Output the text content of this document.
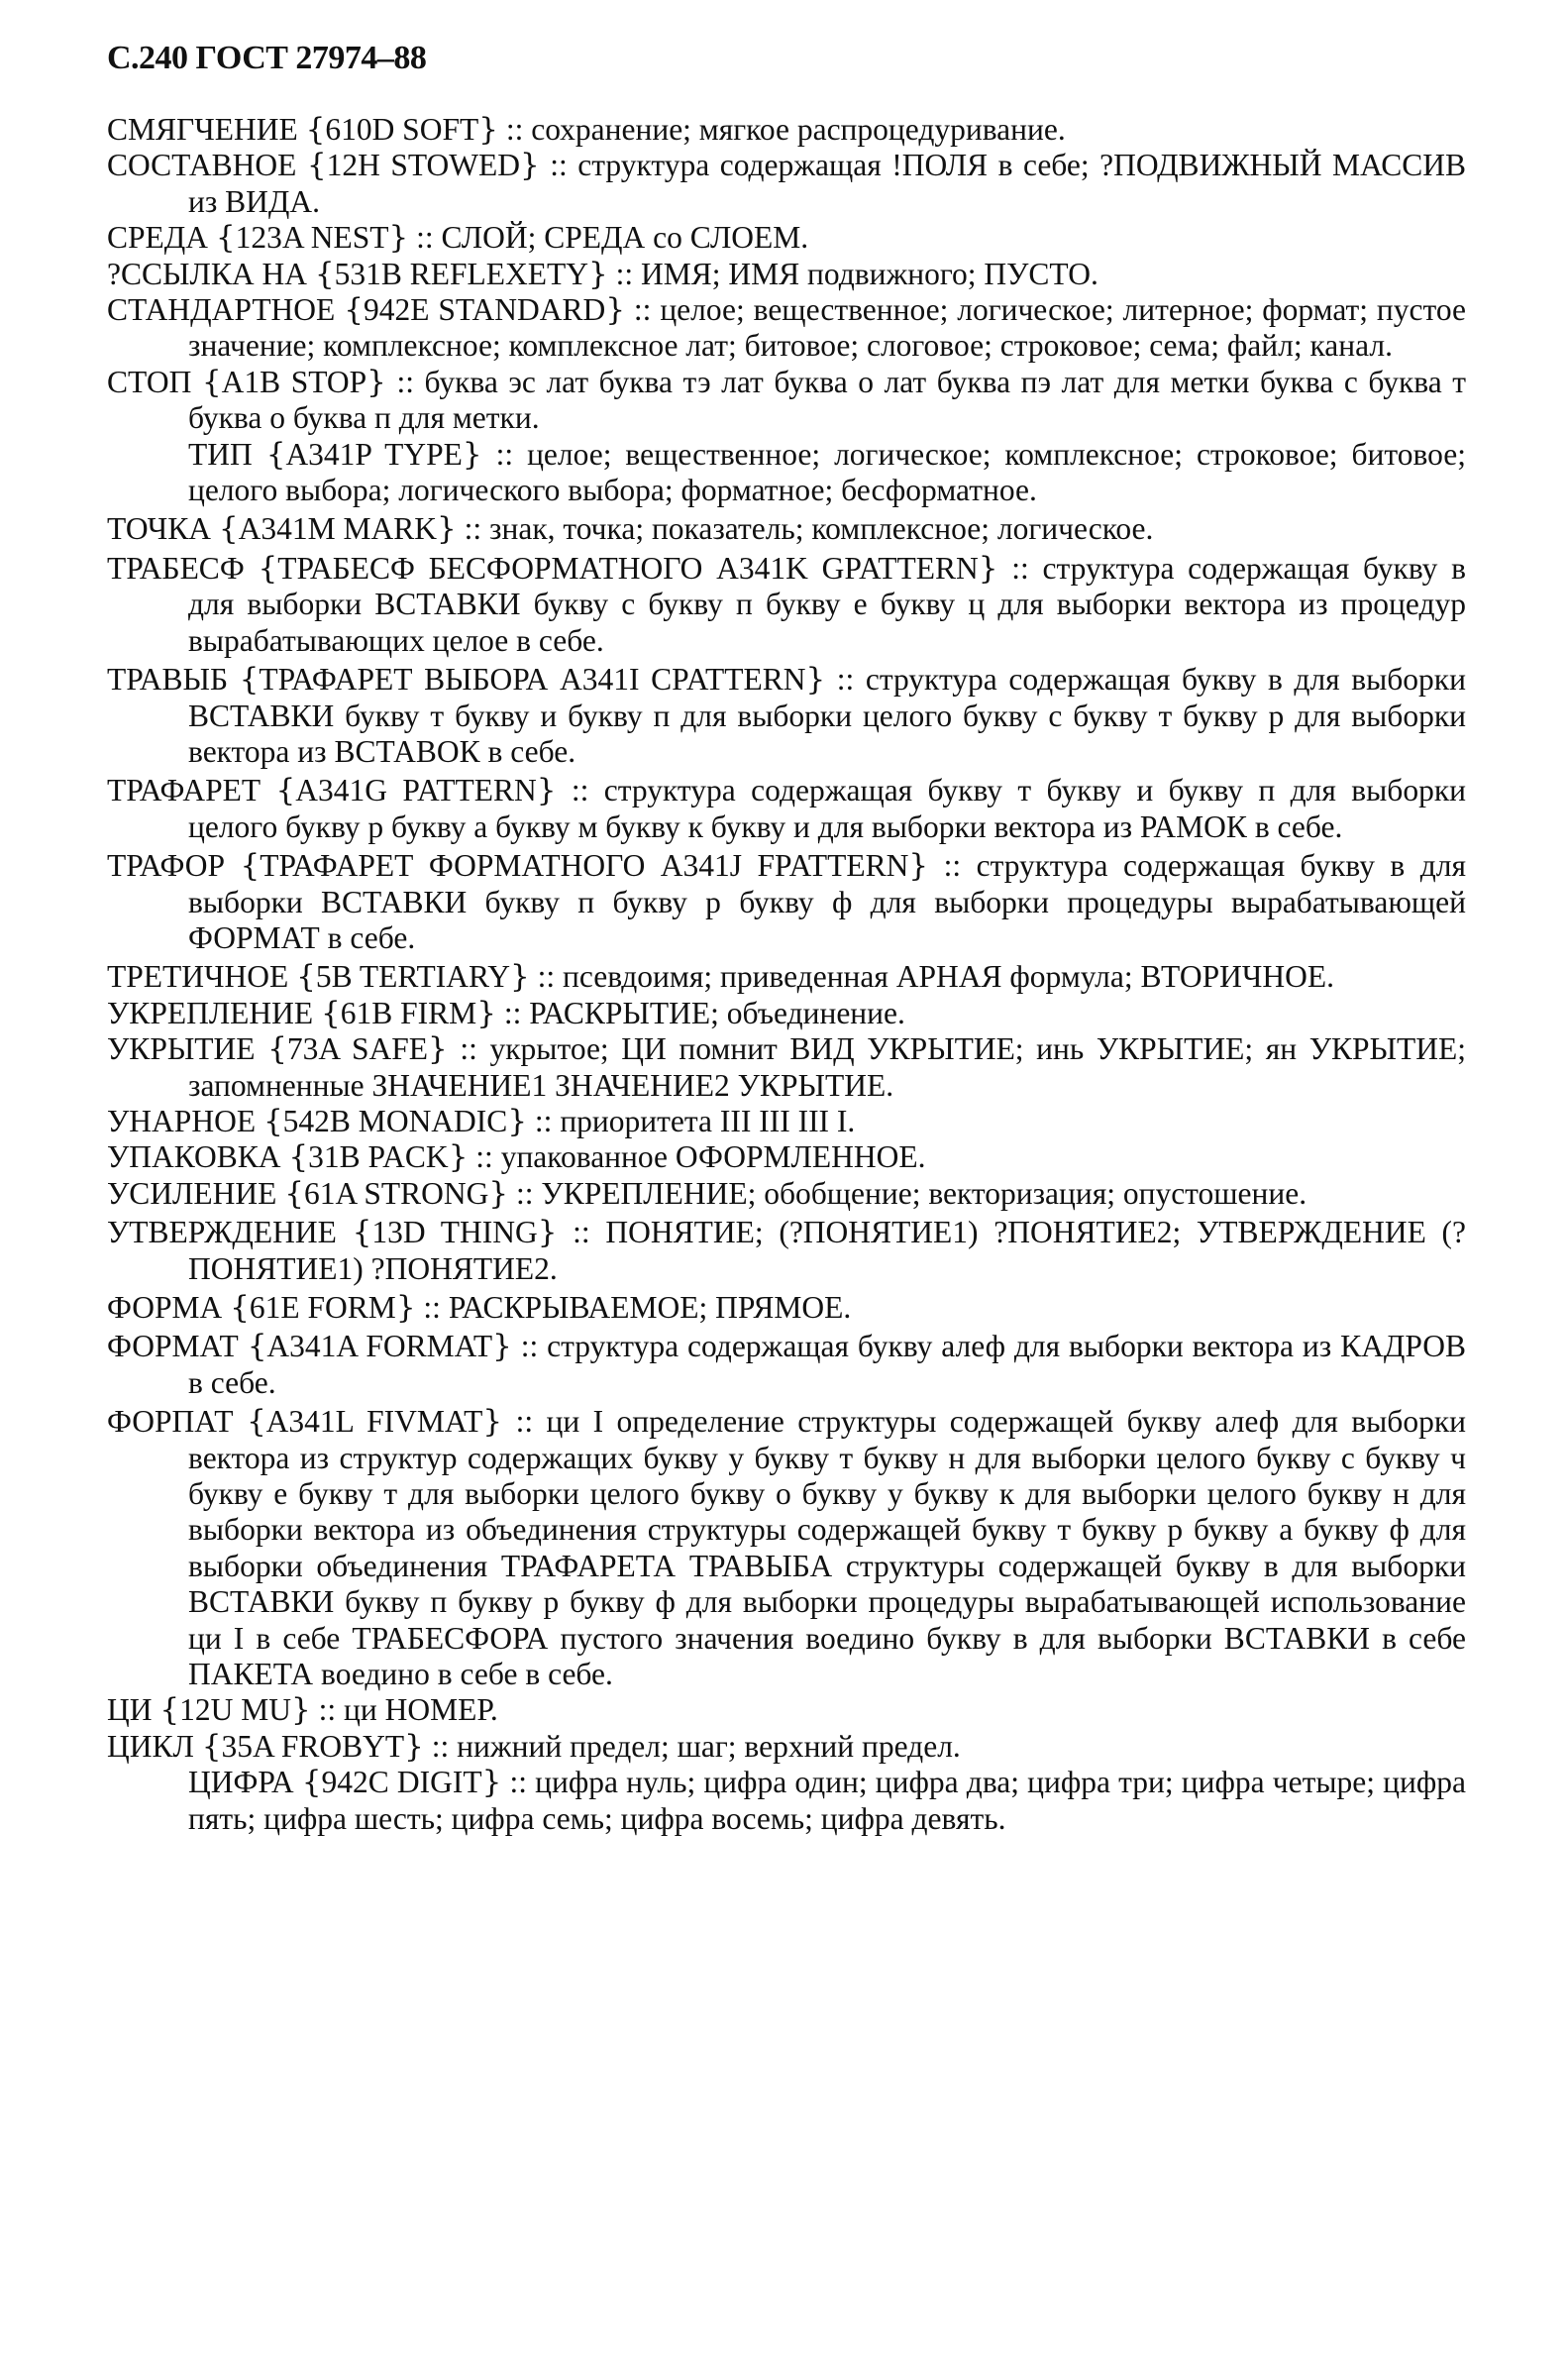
С.240 ГОСТ 27974–88

СМЯГЧЕНИЕ {610D SOFT} :: сохранение; мягкое распроцедуривание.

СОСТАВНОЕ {12H STOWED} :: структура содержащая !ПОЛЯ в себе; ?ПОДВИЖНЫЙ МАССИВ из ВИДА.

СРЕДА {123A NEST} :: СЛОЙ; СРЕДА со СЛОЕМ.

?ССЫЛКА НА {531B REFLEXETY} :: ИМЯ; ИМЯ подвижного; ПУСТО.

СТАНДАРТНОЕ {942E STANDARD} :: целое; вещественное; логическое; литерное; формат; пустое значение; комплексное; комплексное лат; битовое; слоговое; строковое; сема; файл; канал.

СТОП {A1B STOP} :: буква эс лат буква тэ лат буква о лат буква пэ лат для метки буква с буква т буква о буква п для метки.

ТИП {A341P TYPE} :: целое; вещественное; логическое; комплексное; строковое; битовое; целого выбора; логического выбора; форматное; бесформатное.

ТОЧКА {A341M MARK} :: знак, точка; показатель; комплексное; логическое.

ТРАБЕСФ {ТРАБЕСФ БЕСФОРМАТНОГО A341K GPATTERN} :: структура содержащая букву в для выборки ВСТАВКИ букву с букву п букву е букву ц для выборки вектора из процедур вырабатывающих целое в себе.

ТРАВЫБ {ТРАФАРЕТ ВЫБОРА A341I CPATTERN} :: структура содержащая букву в для выборки ВСТАВКИ букву т букву и букву п для выборки целого букву с букву т букву р для выборки вектора из ВСТАВОК в себе.

ТРАФАРЕТ {A341G PATTERN} :: структура содержащая букву т букву и букву п для выборки целого букву р букву а букву м букву к букву и для выборки вектора из РАМОК в себе.

ТРАФОР {ТРАФАРЕТ ФОРМАТНОГО A341J FPATTERN} :: структура содержащая букву в для выборки ВСТАВКИ букву п букву р букву ф для выборки процедуры вырабатывающей ФОРМАТ в себе.

ТРЕТИЧНОЕ {5B TERTIARY} :: псевдоимя; приведенная АРНАЯ формула; ВТОРИЧНОЕ.

УКРЕПЛЕНИЕ {61B FIRM} :: РАСКРЫТИЕ; объединение.

УКРЫТИЕ {73A SAFE} :: укрытое; ЦИ помнит ВИД УКРЫТИЕ; инь УКРЫТИЕ; ян УКРЫТИЕ; запомненные ЗНАЧЕНИЕ1 ЗНАЧЕНИЕ2 УКРЫТИЕ.

УНАРНОЕ {542B MONADIC} :: приоритета III III III I.

УПАКОВКА {31B PACK} :: упакованное ОФОРМЛЕННОЕ.

УСИЛЕНИЕ {61A STRONG} :: УКРЕПЛЕНИЕ; обобщение; векторизация; опустошение.

УТВЕРЖДЕНИЕ {13D THING} :: ПОНЯТИЕ; (?ПОНЯТИЕ1) ?ПОНЯТИЕ2; УТВЕРЖДЕНИЕ (?ПОНЯТИЕ1) ?ПОНЯТИЕ2.

ФОРМА {61E FORM} :: РАСКРЫВАЕМОЕ; ПРЯМОЕ.

ФОРМАТ {A341A FORMAT} :: структура содержащая букву алеф для выборки вектора из КАДРОВ в себе.

ФОРПАТ {A341L FIVMAT} :: ци I определение структуры содержащей букву алеф для выборки вектора из структур содержащих букву у букву т букву н для выборки целого букву с букву ч букву е букву т для выборки целого букву о букву у букву к для выборки целого букву н для выборки вектора из объединения структуры содержащей букву т букву р букву а букву ф для выборки объединения ТРАФАРЕТА ТРАВЫБА структуры содержащей букву в для выборки ВСТАВКИ букву п букву р букву ф для выборки процедуры вырабатывающей использование ци I в себе ТРАБЕСФОРА пустого значения воедино букву в для выборки ВСТАВКИ в себе ПАКЕТА воедино в себе в себе.

ЦИ {12U MU} :: ци НОМЕР.

ЦИКЛ {35A FROBYT} :: нижний предел; шаг; верхний предел.

ЦИФРА {942C DIGIT} :: цифра нуль; цифра один; цифра два; цифра три; цифра четыре; цифра пять; цифра шесть; цифра семь; цифра восемь; цифра девять.
